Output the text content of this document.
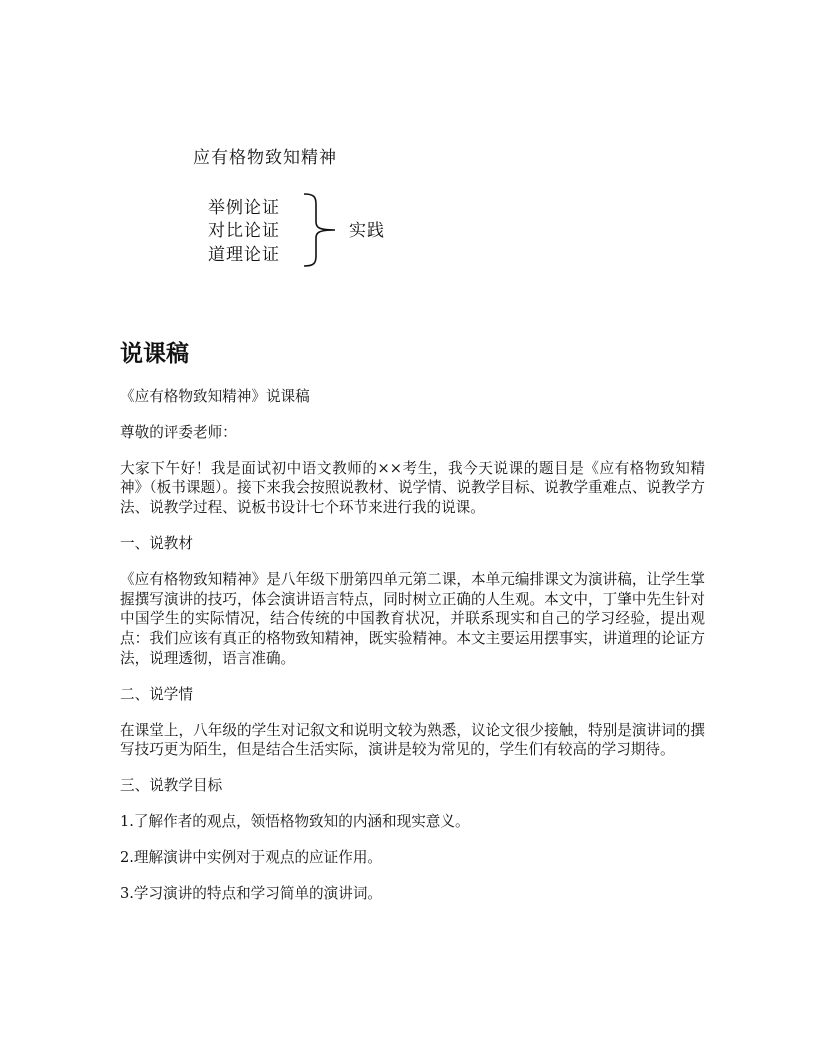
应有格物致知精神
举例论证
对比论证
道理论证
实践
说课稿

《应有格物致知精神》说课稿

尊敬的评委老师：

大家下午好！我是面试初中语文教师的××考生，我今天说课的题目是《应有格物致知精神》（板书课题）。接下来我会按照说教材、说学情、说教学目标、说教学重难点、说教学方法、说教学过程、说板书设计七个环节来进行我的说课。

一、说教材

《应有格物致知精神》是八年级下册第四单元第二课，本单元编排课文为演讲稿，让学生掌握撰写演讲的技巧，体会演讲语言特点，同时树立正确的人生观。本文中，丁肇中先生针对中国学生的实际情况，结合传统的中国教育状况，并联系现实和自己的学习经验，提出观点：我们应该有真正的格物致知精神，既实验精神。本文主要运用摆事实，讲道理的论证方法，说理透彻，语言准确。

二、说学情

在课堂上，八年级的学生对记叙文和说明文较为熟悉，议论文很少接触，特别是演讲词的撰写技巧更为陌生，但是结合生活实际，演讲是较为常见的，学生们有较高的学习期待。

三、说教学目标

1.了解作者的观点，领悟格物致知的内涵和现实意义。

2.理解演讲中实例对于观点的应证作用。

3.学习演讲的特点和学习简单的演讲词。
